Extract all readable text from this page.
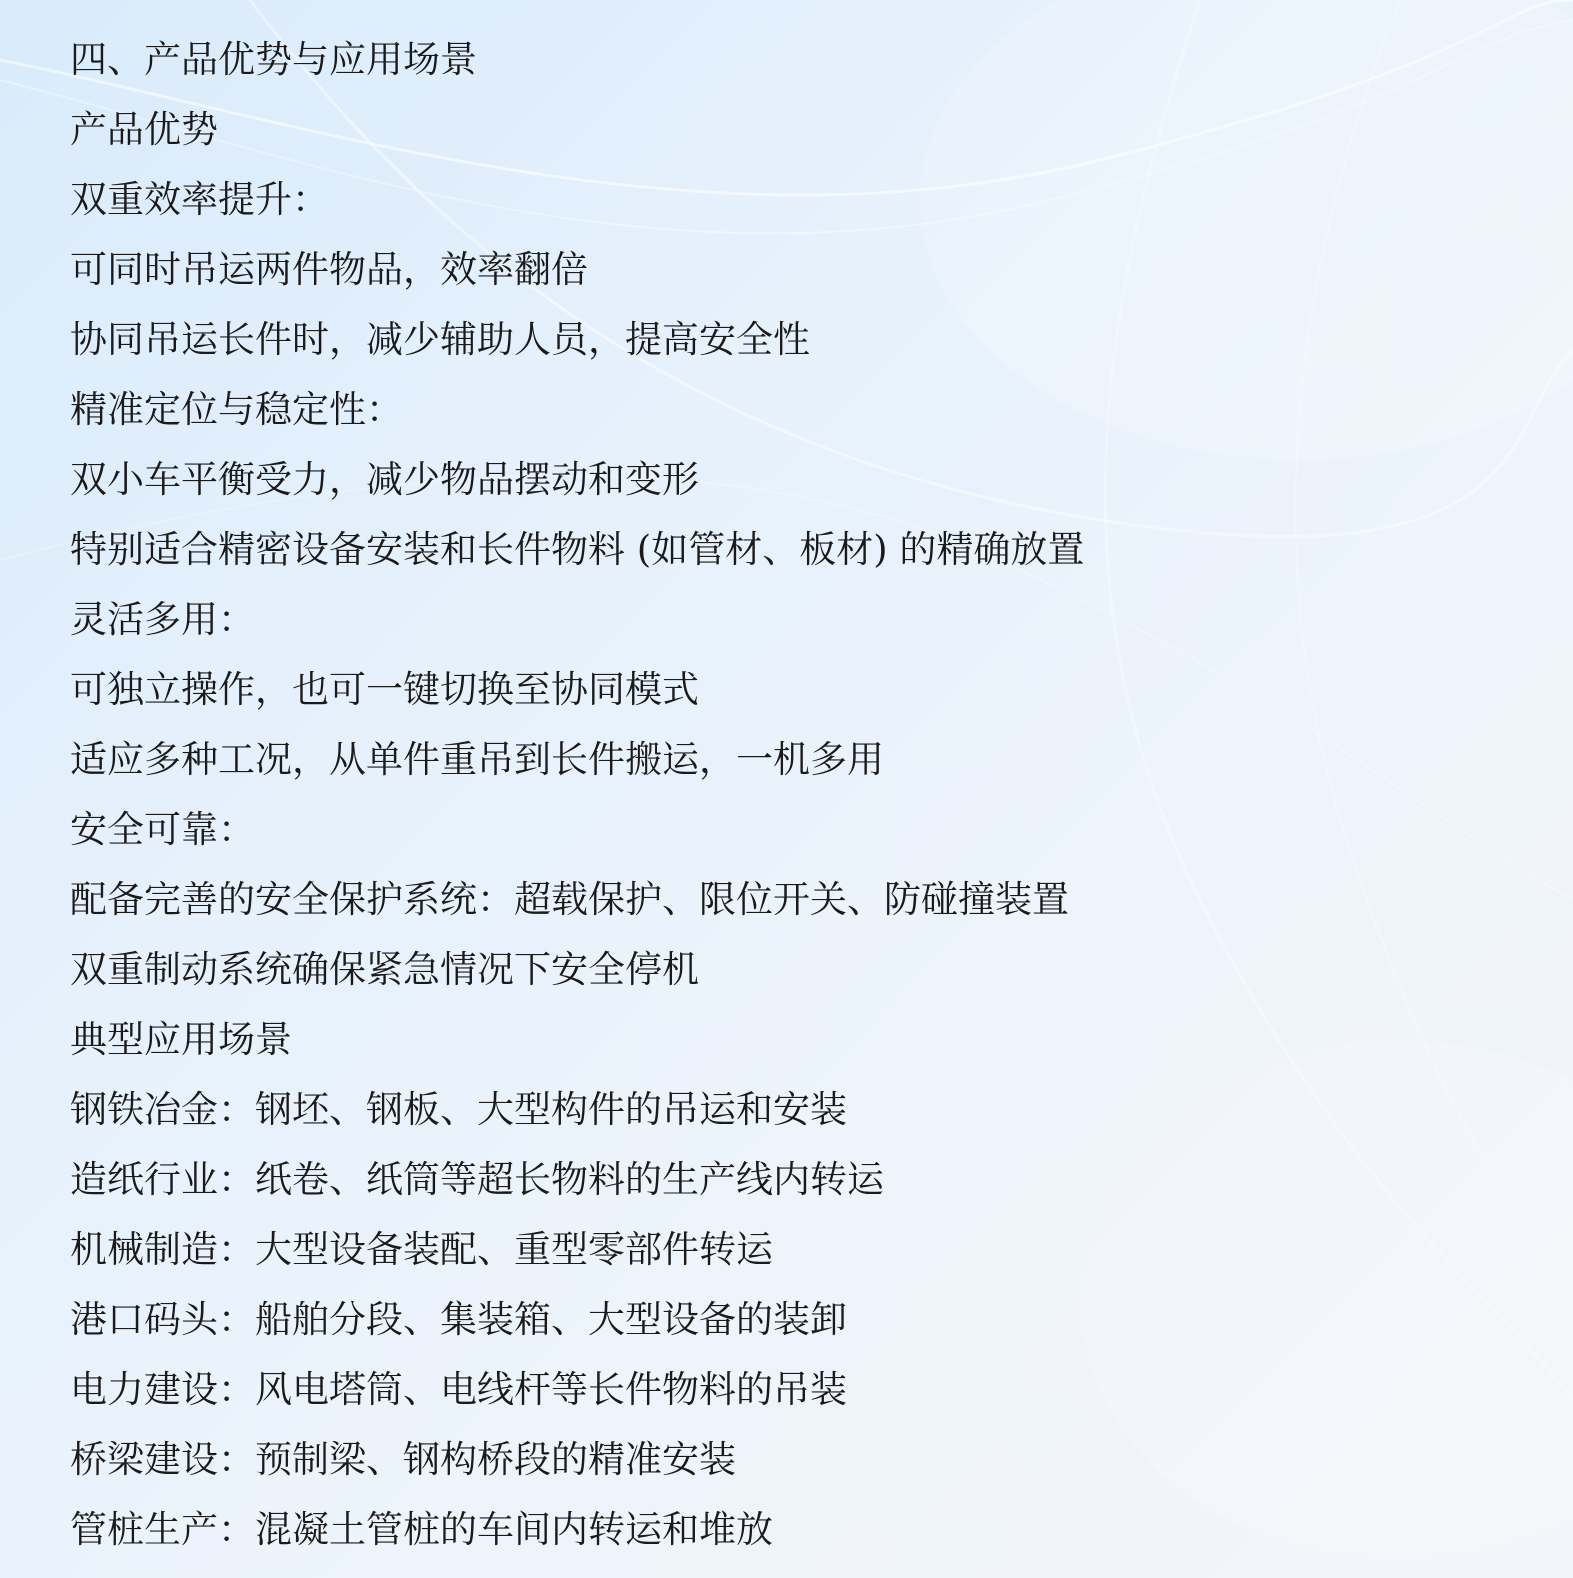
四、产品优势与应用场景
产品优势
双重效率提升：
可同时吊运两件物品，效率翻倍
协同吊运长件时，减少辅助人员，提高安全性
精准定位与稳定性：
双小车平衡受力，减少物品摆动和变形
特别适合精密设备安装和长件物料 (如管材、板材) 的精确放置
灵活多用：
可独立操作，也可一键切换至协同模式
适应多种工况，从单件重吊到长件搬运，一机多用
安全可靠：
配备完善的安全保护系统：超载保护、限位开关、防碰撞装置
双重制动系统确保紧急情况下安全停机
典型应用场景
钢铁冶金：钢坯、钢板、大型构件的吊运和安装
造纸行业：纸卷、纸筒等超长物料的生产线内转运
机械制造：大型设备装配、重型零部件转运
港口码头：船舶分段、集装箱、大型设备的装卸
电力建设：风电塔筒、电线杆等长件物料的吊装
桥梁建设：预制梁、钢构桥段的精准安装
管桩生产：混凝土管桩的车间内转运和堆放
